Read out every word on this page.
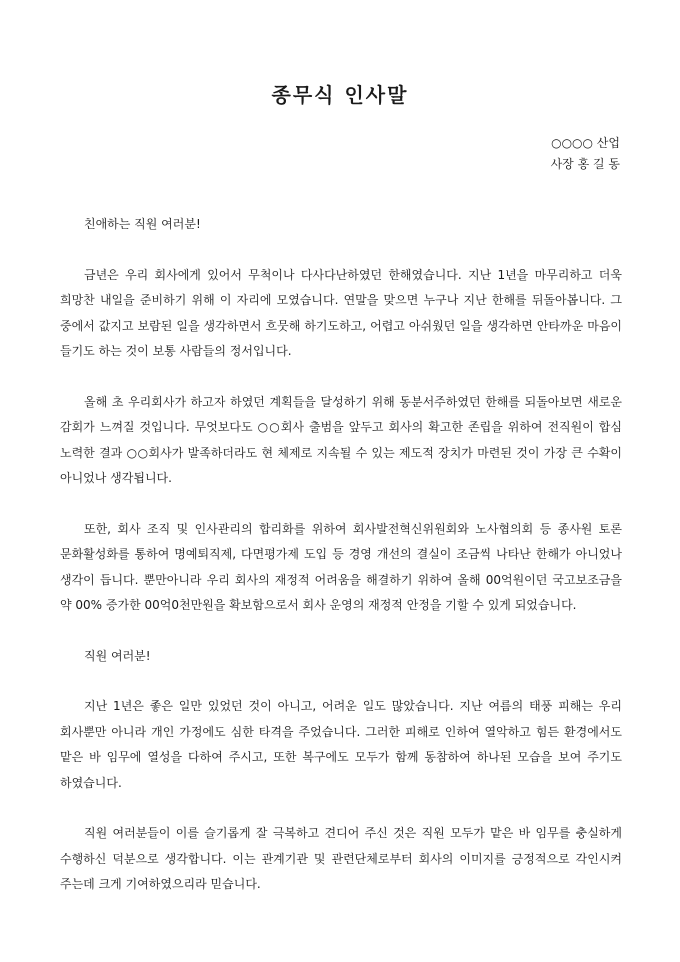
종무식 인사말
○○○○ 산업
사장 홍 길 동

친애하는 직원 여러분!

금년은 우리 회사에게 있어서 무척이나 다사다난하였던 한해였습니다. 지난 1년을 마무리하고 더욱 희망찬 내일을 준비하기 위해 이 자리에 모였습니다. 연말을 맞으면 누구나 지난 한해를 뒤돌아봅니다. 그 중에서 값지고 보람된 일을 생각하면서 흐뭇해 하기도하고, 어렵고 아쉬웠던 일을 생각하면 안타까운 마음이 들기도 하는 것이 보통 사람들의 정서입니다.

올해 초 우리회사가 하고자 하였던 계획들을 달성하기 위해 동분서주하였던 한해를 되돌아보면 새로운 감회가 느껴질 것입니다. 무엇보다도 ○○회사 출범을 앞두고 회사의 확고한 존립을 위하여 전직원이 합심 노력한 결과 ○○회사가 발족하더라도 현 체제로 지속될 수 있는 제도적 장치가 마련된 것이 가장 큰 수확이 아니었나 생각됩니다.

또한, 회사 조직 및 인사관리의 합리화를 위하여 회사발전혁신위원회와 노사협의회 등 종사원 토론 문화활성화를 통하여 명예퇴직제, 다면평가제 도입 등 경영 개선의 결실이 조금씩 나타난 한해가 아니었나 생각이 듭니다. 뿐만아니라 우리 회사의 재정적 어려움을 해결하기 위하여 올해 00억원이던 국고보조금을 약 00% 증가한 00억0천만원을 확보함으로서 회사 운영의 재정적 안정을 기할 수 있게 되었습니다.

직원 여러분!

지난 1년은 좋은 일만 있었던 것이 아니고, 어려운 일도 많았습니다. 지난 여름의 태풍 피해는 우리 회사뿐만 아니라 개인 가정에도 심한 타격을 주었습니다. 그러한 피해로 인하여 열악하고 힘든 환경에서도 맡은 바 임무에 열성을 다하여 주시고, 또한 복구에도 모두가 함께 동참하여 하나된 모습을 보여 주기도 하였습니다.

직원 여러분들이 이를 슬기롭게 잘 극복하고 견디어 주신 것은 직원 모두가 맡은 바 임무를 충실하게 수행하신 덕분으로 생각합니다. 이는 관계기관 및 관련단체로부터 회사의 이미지를 긍정적으로 각인시켜 주는데 크게 기여하였으리라 믿습니다.
